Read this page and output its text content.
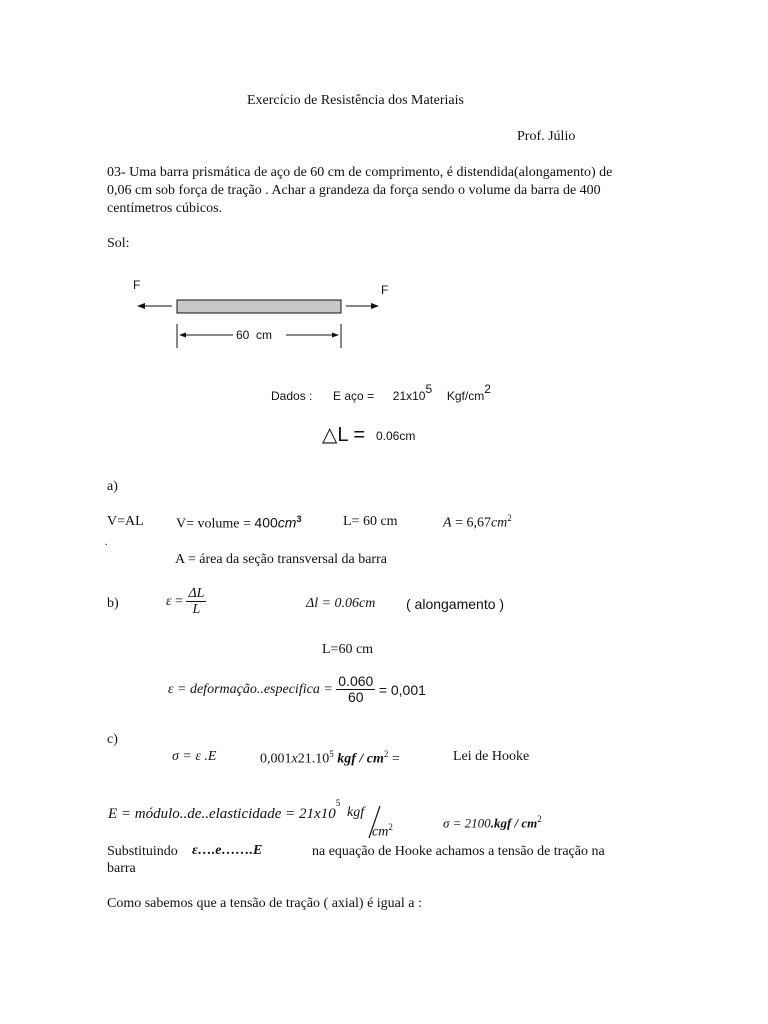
Exercício de Resistência dos Materiais
Prof. Júlio
03- Uma barra prismática de aço de 60 cm de comprimento, é distendida(alongamento) de
0,06 cm sob força de tração . Achar a grandeza da força sendo o volume da barra de 400
centímetros cúbicos.
Sol:
F	F
60  cm
Dados : E aço = $21x10^5$ Kgf/$cm^2$
△L = 0.06cm
a)
V=AL V= volume = $400cm^3$	L= 60 cm	$A = 6,67cm^2$
.
A = área da seção transversal da barra
b)	$\varepsilon = \frac{\Delta L}{L}$	Δl = 0.06cm ( alongamento )
L=60 cm
ε = deformação..especifica = $\frac{0.060}{60} = 0,001$
c)
σ = ε .E	0,001x21.10$^5$ kgf / $cm^2$ =	Lei de Hooke
E = módulo..de..elasticidade = $21x10^5$
kgf
$cm^2$	$\sigma = 2100.kgf / cm^2$
Substituindo ε….e…….E	na equação de Hooke achamos a tensão de tração na
barra
Como sabemos que a tensão de tração ( axial) é igual a :
